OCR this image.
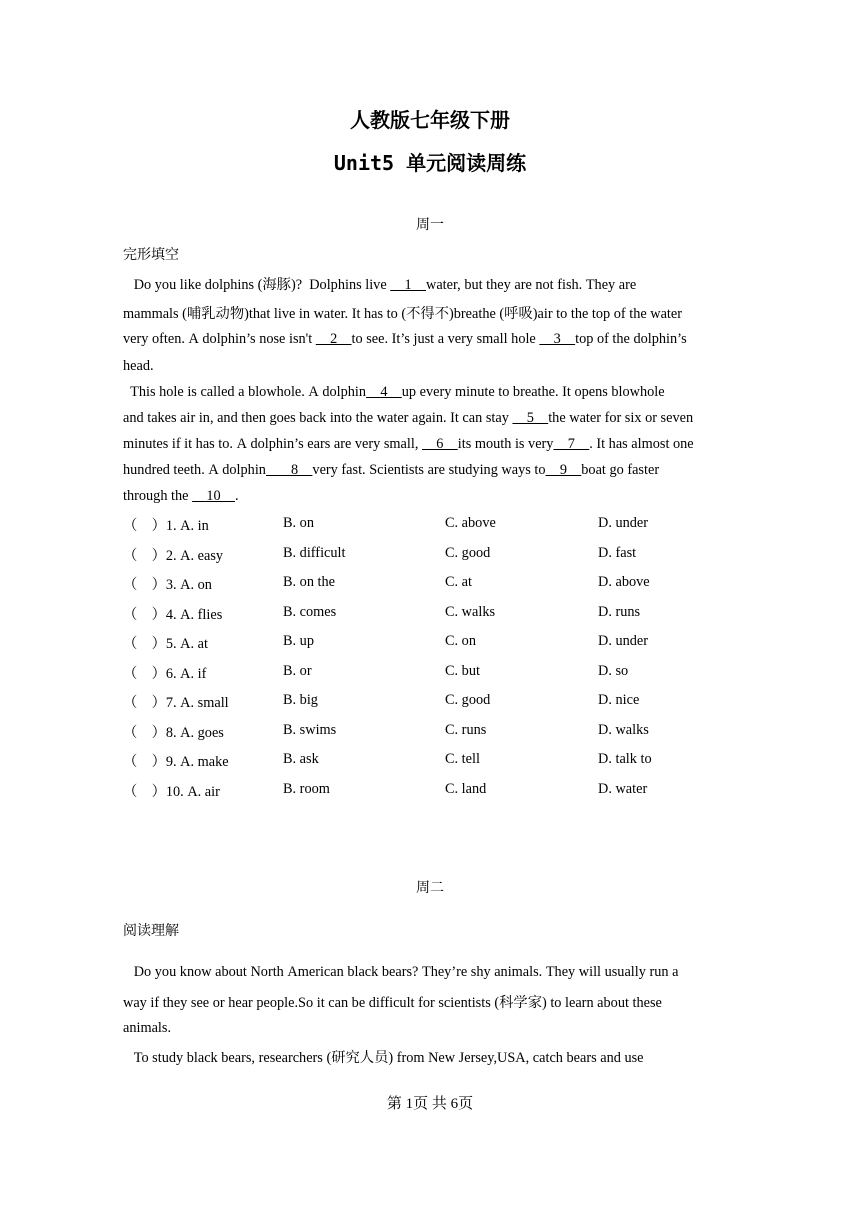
人教版七年级下册
Unit5 单元阅读周练
周一
完形填空
Do you like dolphins (海豚)?  Dolphins live     1    water, but they are not fish. They are
mammals (哺乳动物)that live in water. It has to (不得不)breathe (呼吸)air to the top of the water
very often. A dolphin’s nose isn't     2    to see. It’s just a very small hole     3    top of the dolphin’s
head.
This hole is called a blowhole. A dolphin    4    up every minute to breathe. It opens blowhole
and takes air in, and then goes back into the water again. It can stay     5    the water for six or seven
minutes if it has to. A dolphin’s ears are very small,     6    its mouth is very    7    . It has almost one
hundred teeth. A dolphin       8    very fast. Scientists are studying ways to    9    boat go faster
through the     10    .
（    ）1. A. in	B. on	C. above	D. under
（    ）2. A. easy	B. difficult	C. good	D. fast
（    ）3. A. on	B. on the	C. at	D. above
（    ）4. A. flies	B. comes	C. walks	D. runs
（    ）5. A. at	B. up	C. on	D. under
（    ）6. A. if	B. or	C. but	D. so
（    ）7. A. small	B. big	C. good	D. nice
（    ）8. A. goes	B. swims	C. runs	D. walks
（    ）9. A. make	B. ask	C. tell	D. talk to
（    ）10. A. air	B. room	C. land	D. water
周二
阅读理解
Do you know about North American black bears? They’re shy animals. They will usually run a
way if they see or hear people.So it can be difficult for scientists (科学家) to learn about these
animals.
To study black bears, researchers (研究人员) from New Jersey,USA, catch bears and use
第 1页 共 6页
